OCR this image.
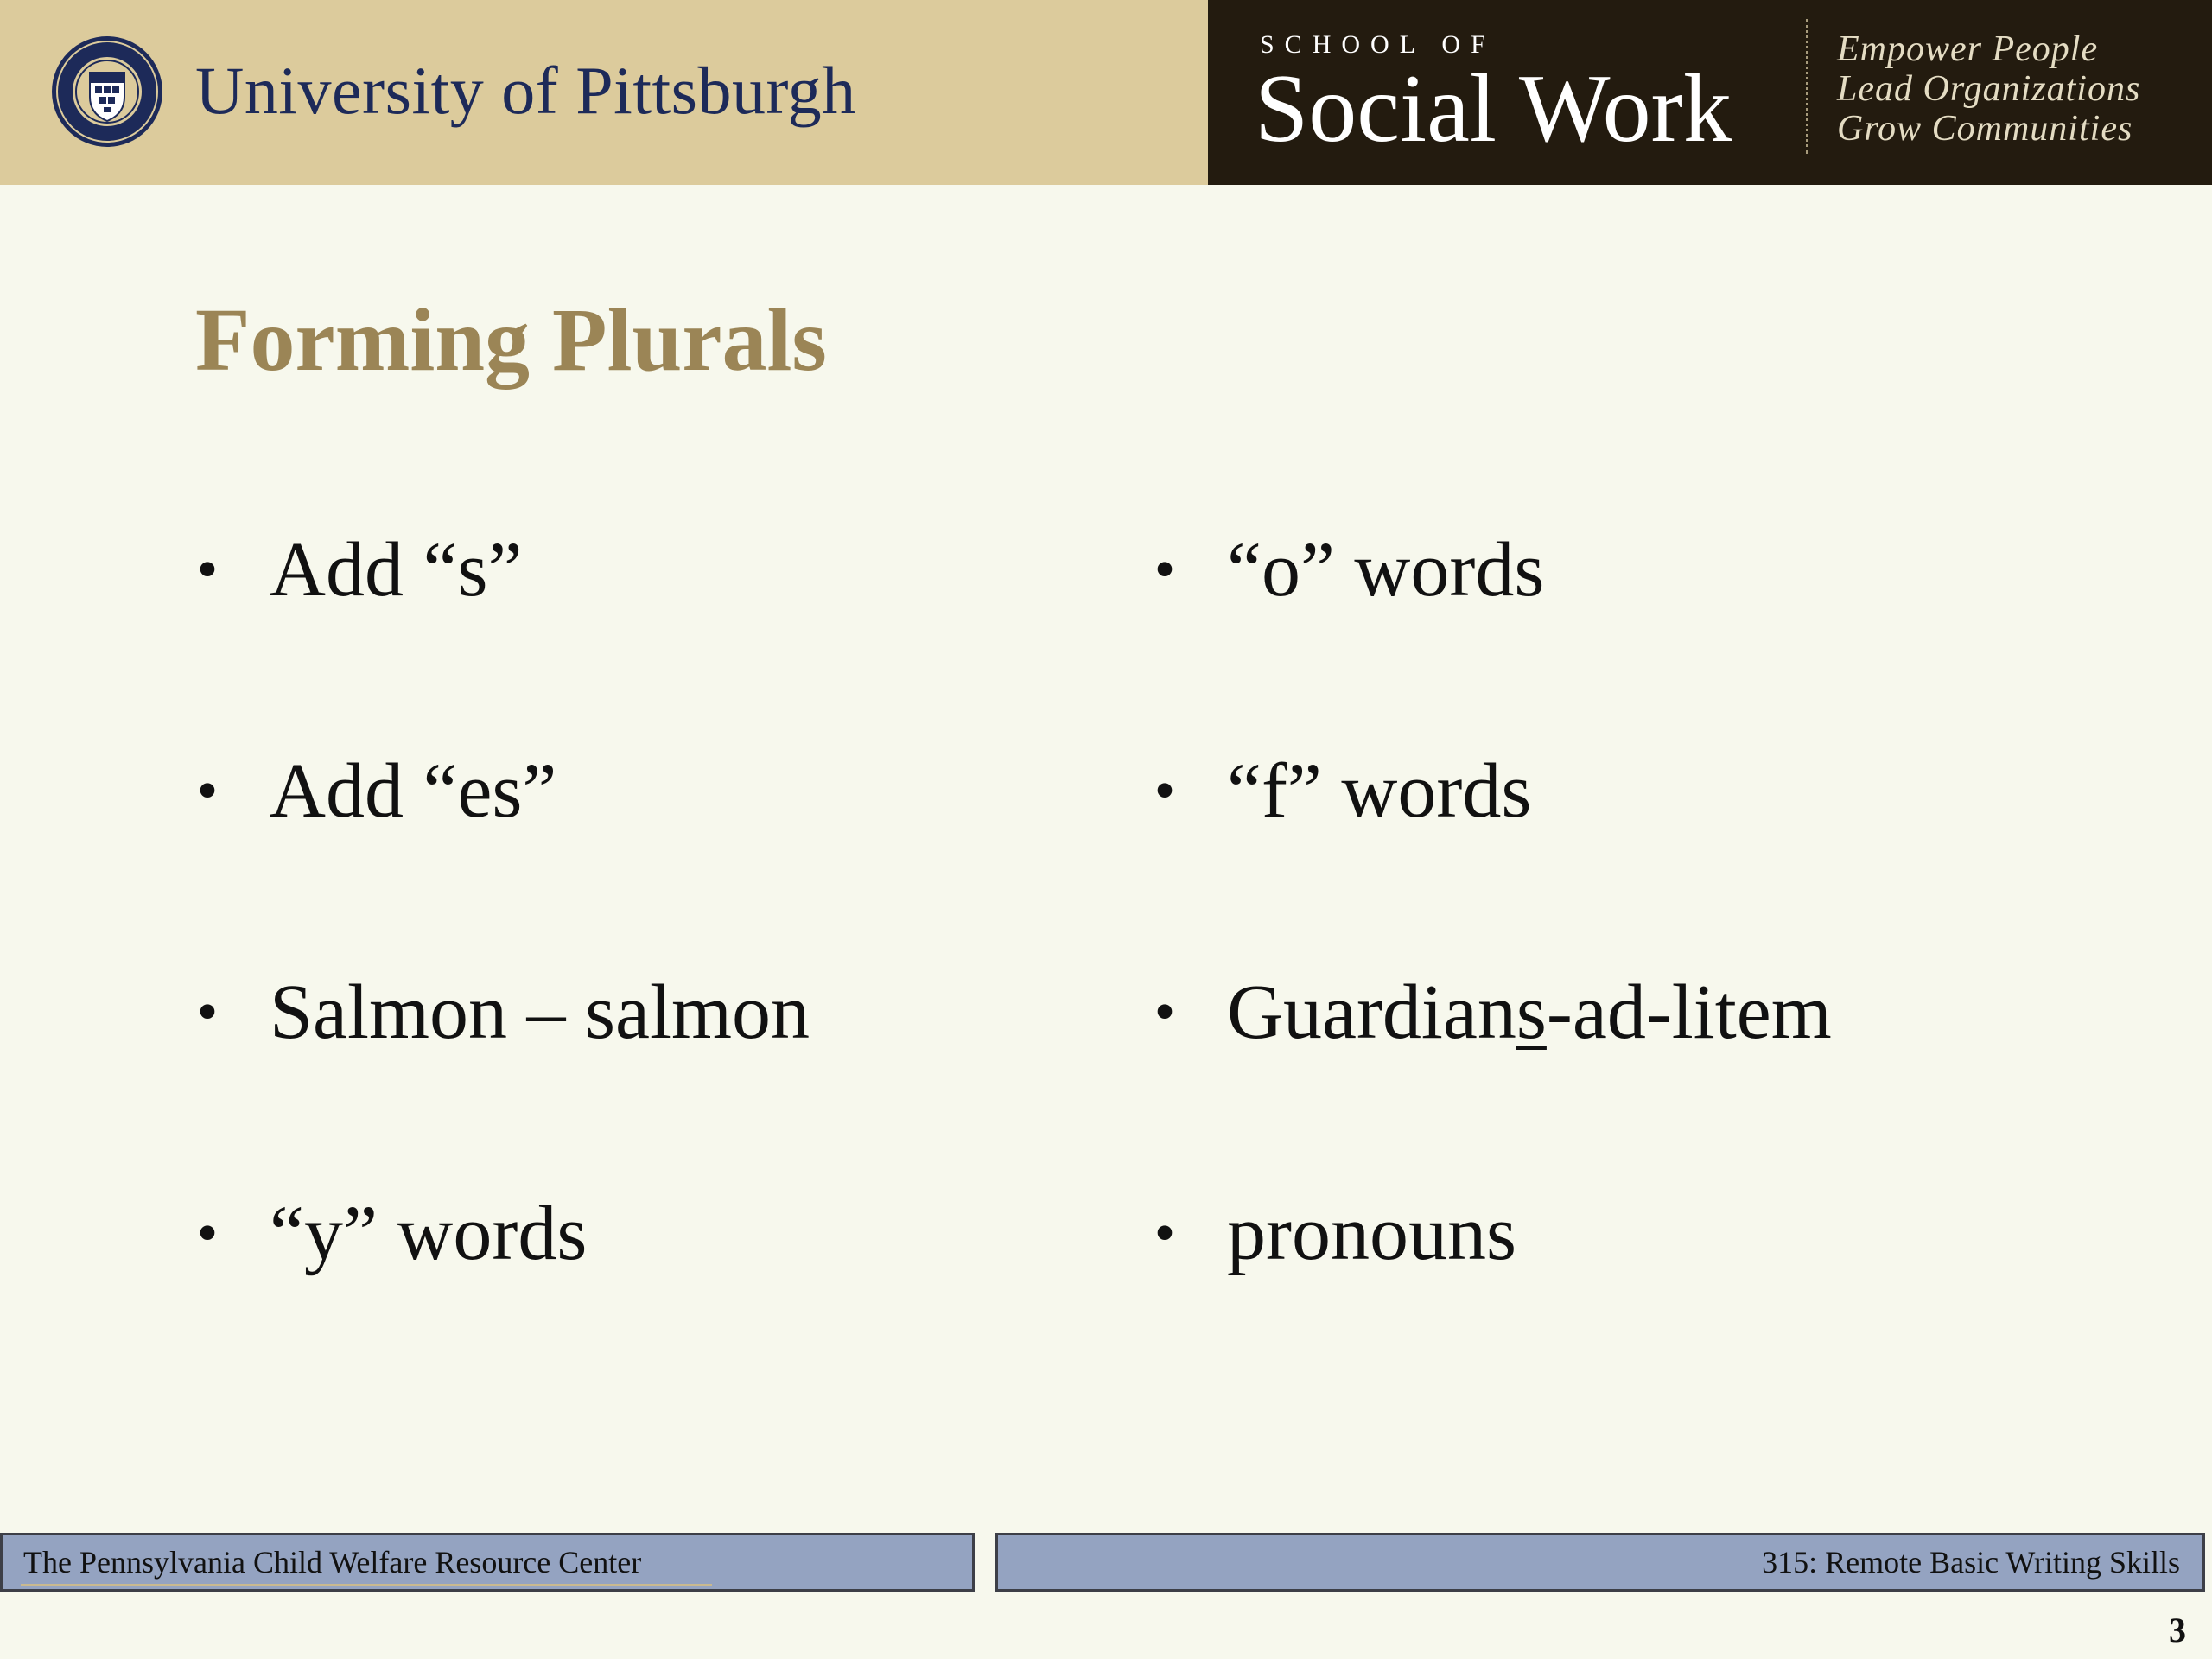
University of Pittsburgh
SCHOOL OF
Social Work
Empower People
Lead Organizations
Grow Communities
Forming Plurals
• Add “s”
• Add “es”
• Salmon – salmon
• “y” words
• “o” words
• “f” words
• Guardians-ad-litem
• pronouns
The Pennsylvania Child Welfare Resource Center	315: Remote Basic Writing Skills
3
